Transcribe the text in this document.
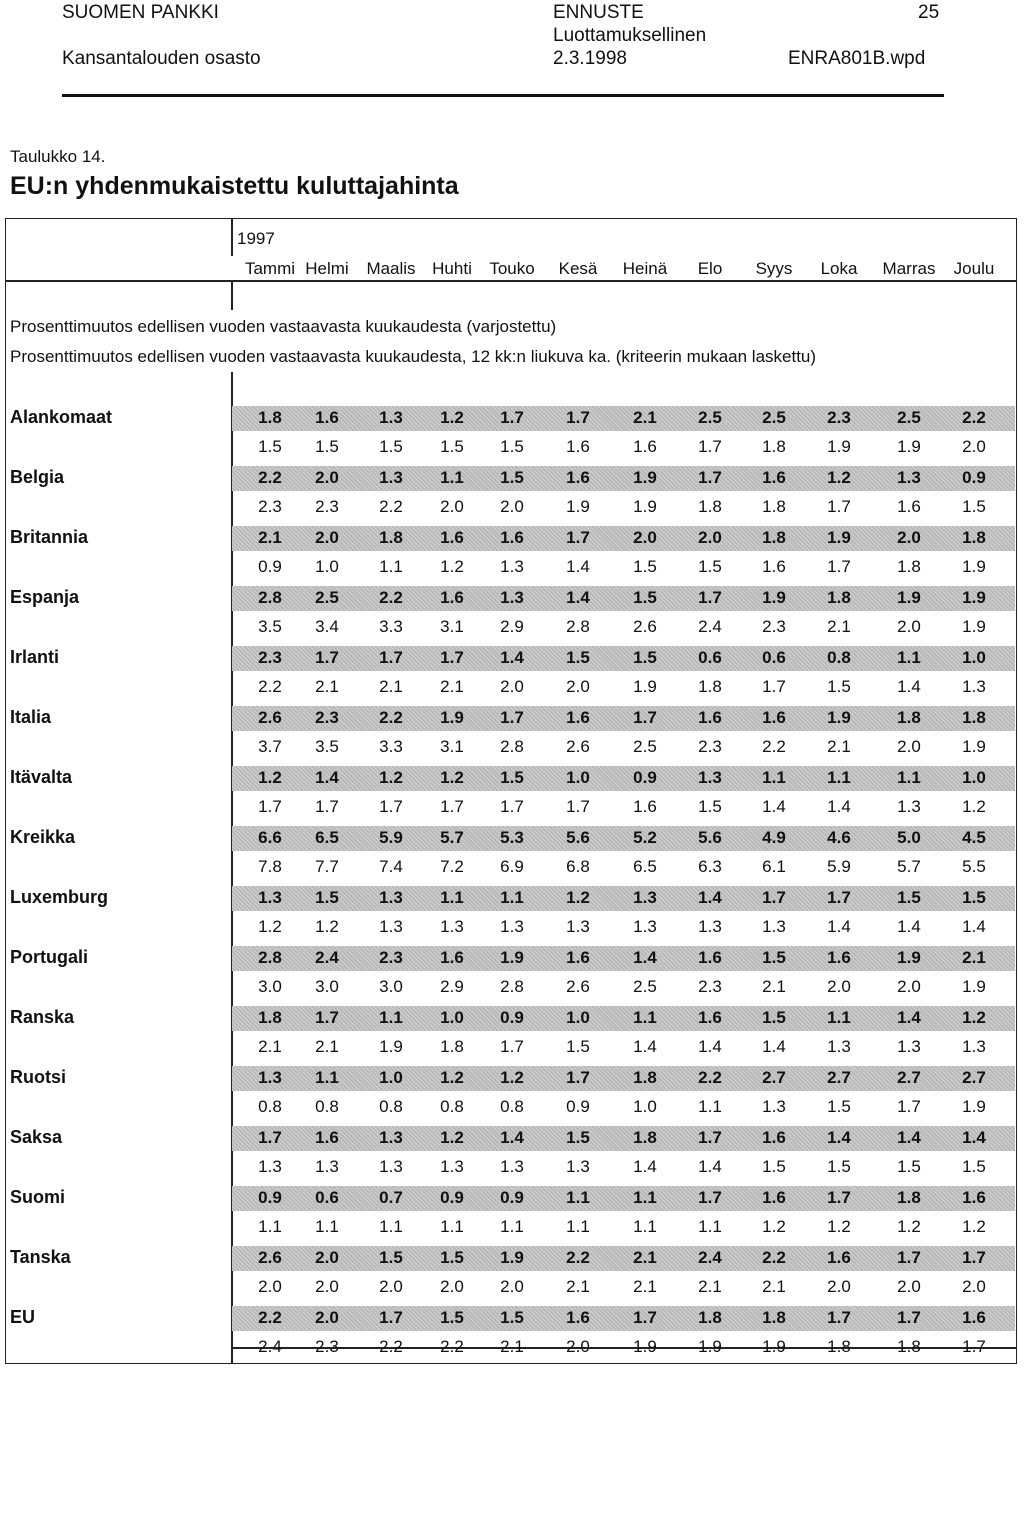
SUOMEN PANKKI
Kansantalouden osasto
ENNUSTE
Luottamuksellinen
2.3.1998
25
ENRA801B.wpd
Taulukko 14.
EU:n yhdenmukaistettu kuluttajahinta
1997
Tammi Helmi	Maalis Huhti	Touko	Kesä	Heinä	Elo	Syys	Loka	Marras	Joulu
Prosenttimuutos edellisen vuoden vastaavasta kuukaudesta (varjostettu)
Prosenttimuutos edellisen vuoden vastaavasta kuukaudesta, 12 kk:n liukuva ka. (kriteerin mukaan laskettu)
Alankomaat	1.8	1.6	1.3	1.2	1.7	1.7	2.1	2.5	2.5	2.3	2.5	2.2
1.5	1.5	1.5	1.5	1.5	1.6	1.6	1.7	1.8	1.9	1.9	2.0
Belgia	2.2	2.0	1.3	1.1	1.5	1.6	1.9	1.7	1.6	1.2	1.3	0.9
2.3	2.3	2.2	2.0	2.0	1.9	1.9	1.8	1.8	1.7	1.6	1.5
Britannia	2.1	2.0	1.8	1.6	1.6	1.7	2.0	2.0	1.8	1.9	2.0	1.8
0.9	1.0	1.1	1.2	1.3	1.4	1.5	1.5	1.6	1.7	1.8	1.9
Espanja	2.8	2.5	2.2	1.6	1.3	1.4	1.5	1.7	1.9	1.8	1.9	1.9
3.5	3.4	3.3	3.1	2.9	2.8	2.6	2.4	2.3	2.1	2.0	1.9
Irlanti	2.3	1.7	1.7	1.7	1.4	1.5	1.5	0.6	0.6	0.8	1.1	1.0
2.2	2.1	2.1	2.1	2.0	2.0	1.9	1.8	1.7	1.5	1.4	1.3
Italia	2.6	2.3	2.2	1.9	1.7	1.6	1.7	1.6	1.6	1.9	1.8	1.8
3.7	3.5	3.3	3.1	2.8	2.6	2.5	2.3	2.2	2.1	2.0	1.9
Itävalta	1.2	1.4	1.2	1.2	1.5	1.0	0.9	1.3	1.1	1.1	1.1	1.0
1.7	1.7	1.7	1.7	1.7	1.7	1.6	1.5	1.4	1.4	1.3	1.2
Kreikka	6.6	6.5	5.9	5.7	5.3	5.6	5.2	5.6	4.9	4.6	5.0	4.5
7.8	7.7	7.4	7.2	6.9	6.8	6.5	6.3	6.1	5.9	5.7	5.5
Luxemburg	1.3	1.5	1.3	1.1	1.1	1.2	1.3	1.4	1.7	1.7	1.5	1.5
1.2	1.2	1.3	1.3	1.3	1.3	1.3	1.3	1.3	1.4	1.4	1.4
Portugali	2.8	2.4	2.3	1.6	1.9	1.6	1.4	1.6	1.5	1.6	1.9	2.1
3.0	3.0	3.0	2.9	2.8	2.6	2.5	2.3	2.1	2.0	2.0	1.9
Ranska	1.8	1.7	1.1	1.0	0.9	1.0	1.1	1.6	1.5	1.1	1.4	1.2
2.1	2.1	1.9	1.8	1.7	1.5	1.4	1.4	1.4	1.3	1.3	1.3
Ruotsi	1.3	1.1	1.0	1.2	1.2	1.7	1.8	2.2	2.7	2.7	2.7	2.7
0.8	0.8	0.8	0.8	0.8	0.9	1.0	1.1	1.3	1.5	1.7	1.9
Saksa	1.7	1.6	1.3	1.2	1.4	1.5	1.8	1.7	1.6	1.4	1.4	1.4
1.3	1.3	1.3	1.3	1.3	1.3	1.4	1.4	1.5	1.5	1.5	1.5
Suomi	0.9	0.6	0.7	0.9	0.9	1.1	1.1	1.7	1.6	1.7	1.8	1.6
1.1	1.1	1.1	1.1	1.1	1.1	1.1	1.1	1.2	1.2	1.2	1.2
Tanska	2.6	2.0	1.5	1.5	1.9	2.2	2.1	2.4	2.2	1.6	1.7	1.7
2.0	2.0	2.0	2.0	2.0	2.1	2.1	2.1	2.1	2.0	2.0	2.0
EU	2.2	2.0	1.7	1.5	1.5	1.6	1.7	1.8	1.8	1.7	1.7	1.6
2.4	2.3	2.2	2.2	2.1	2.0	1.9	1.9	1.9	1.8	1.8	1.7
